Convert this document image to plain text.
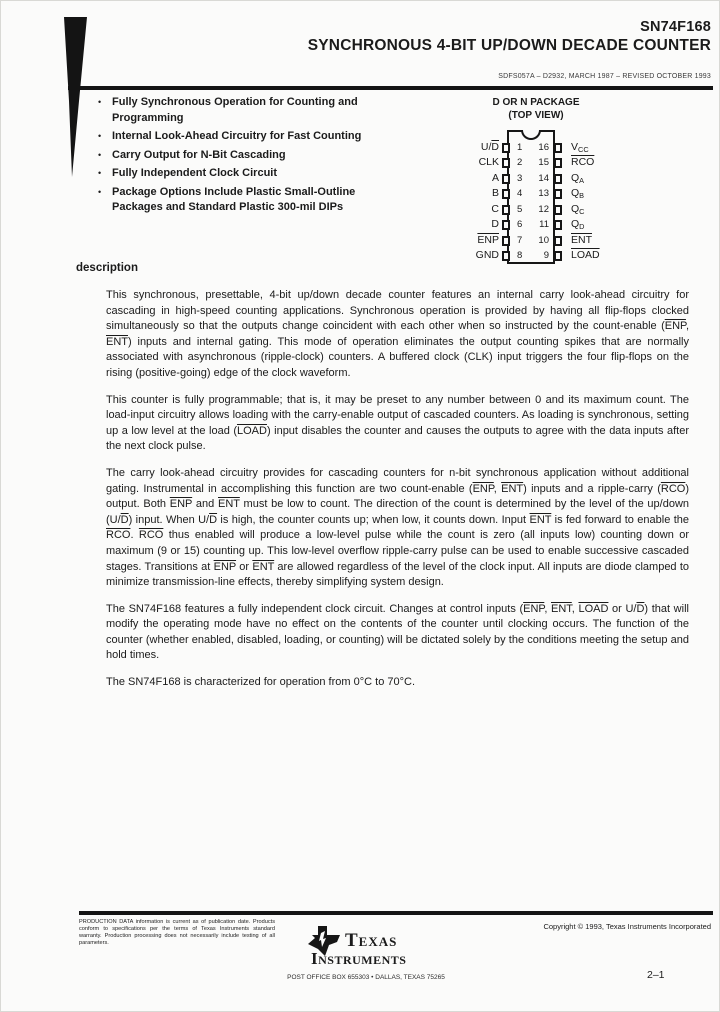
SN74F168
SYNCHRONOUS 4-BIT UP/DOWN DECADE COUNTER
SDFS057A – D2932, MARCH 1987 – REVISED OCTOBER 1993
• Fully Synchronous Operation for Counting and Programming
• Internal Look-Ahead Circuitry for Fast Counting
• Carry Output for N-Bit Cascading
• Fully Independent Clock Circuit
• Package Options Include Plastic Small-Outline Packages and Standard Plastic 300-mil DIPs
D OR N PACKAGE
(TOP VIEW)
$U/\overline{D}$ 1	16 $V_{CC}$
CLK 2	15 $\overline{RCO}$
A 3	14 $Q_A$
B 4	13 $Q_B$
C 5	12 $Q_C$
D 6	11 $Q_D$
$\overline{ENP}$ 7	10 $\overline{ENT}$
GND 8	9 LOAD
description

This synchronous, presettable, 4-bit up/down decade counter features an internal carry look-ahead circuitry for cascading in high-speed counting applications. Synchronous operation is provided by having all flip-flops clocked simultaneously so that the outputs change coincident with each other when so instructed by the count-enable ($\overline{ENP}$, $\overline{ENT}$) inputs and internal gating. This mode of operation eliminates the output counting spikes that are normally associated with asynchronous (ripple-clock) counters. A buffered clock (CLK) input triggers the four flip-flops on the rising (positive-going) edge of the clock waveform.

This counter is fully programmable; that is, it may be preset to any number between 0 and its maximum count. The load-input circuitry allows loading with the carry-enable output of cascaded counters. As loading is synchronous, setting up a low level at the load (LOAD) input disables the counter and causes the outputs to agree with the data inputs after the next clock pulse.

The carry look-ahead circuitry provides for cascading counters for n-bit synchronous application without additional gating. Instrumental in accomplishing this function are two count-enable ($\overline{ENP}$, $\overline{ENT}$) inputs and a ripple-carry $(\overline{RCO})$ output. Both $\overline{ENP}$ and $\overline{ENT}$ must be low to count. The direction of the count is determined by the level of the up/down $(U/\overline{D})$ input. When $U/\overline{D}$ is high, the counter counts up; when low, it counts down. Input $\overline{ENT}$ is fed forward to enable the $\overline{RCO}$. $\overline{RCO}$ thus enabled will produce a low-level pulse while the count is zero (all inputs low) counting down or maximum (9 or 15) counting up. This low-level overflow ripple-carry pulse can be used to enable successive cascaded stages. Transitions at $\overline{ENP}$ or $\overline{ENT}$ are allowed regardless of the level of the clock input. All inputs are diode clamped to minimize transmission-line effects, thereby simplifying system design.

The SN74F168 features a fully independent clock circuit. Changes at control inputs ($\overline{ENP}$, $\overline{ENT}$, LOAD or $U/\overline{D}$) that will modify the operating mode have no effect on the contents of the counter until clocking occurs. The function of the counter (whether enabled, disabled, loading, or counting) will be dictated solely by the conditions meeting the setup and hold times.

The SN74F168 is characterized for operation from 0°C to 70°C.

PRODUCTION DATA information is current as of publication date. Products conform to specifications per the terms of Texas Instruments standard warranty. Production processing does not necessarily include testing of all parameters.
Copyright © 1993, Texas Instruments Incorporated
Texas
Instruments
POST OFFICE BOX 655303 • DALLAS, TEXAS 75265	2–1
